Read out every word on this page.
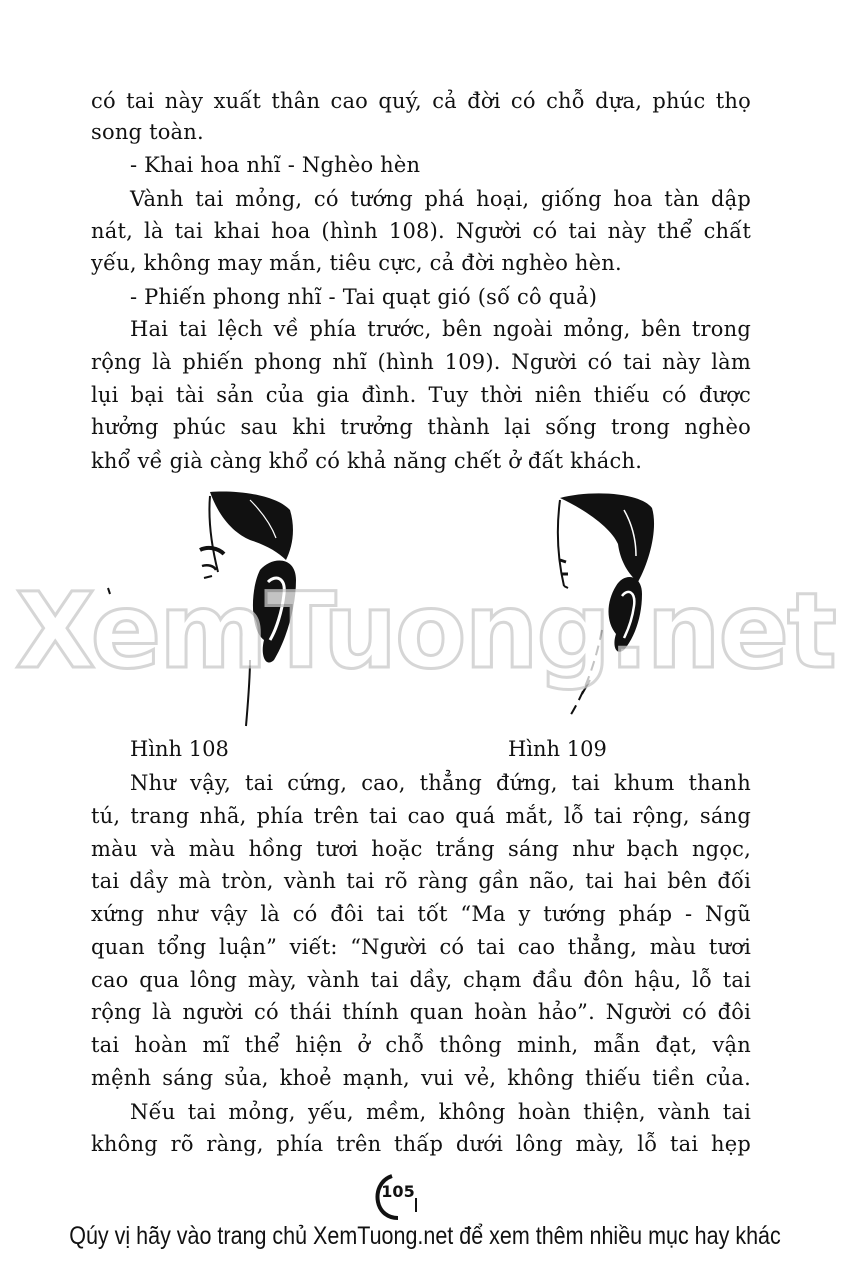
có tai này xuất thân cao quý, cả đời có chỗ dựa, phúc thọ
song toàn.
- Khai hoa nhĩ - Nghèo hèn
Vành tai mỏng, có tướng phá hoại, giống hoa tàn dập
nát, là tai khai hoa (hình 108). Người có tai này thể chất
yếu, không may mắn, tiêu cực, cả đời nghèo hèn.
- Phiến phong nhĩ - Tai quạt gió (số cô quả)
Hai tai lệch về phía trước, bên ngoài mỏng, bên trong
rộng là phiến phong nhĩ (hình 109). Người có tai này làm
lụi bại tài sản của gia đình. Tuy thời niên thiếu có được
hưởng phúc sau khi trưởng thành lại sống trong nghèo
khổ về già càng khổ có khả năng chết ở đất khách.
Hình 108	Hình 109
Như vậy, tai cứng, cao, thẳng đứng, tai khum thanh
tú, trang nhã, phía trên tai cao quá mắt, lỗ tai rộng, sáng
màu và màu hồng tươi hoặc trắng sáng như bạch ngọc,
tai dầy mà tròn, vành tai rõ ràng gần não, tai hai bên đối
xứng như vậy là có đôi tai tốt “Ma y tướng pháp - Ngũ
quan tổng luận” viết: “Người có tai cao thẳng, màu tươi
cao qua lông mày, vành tai dầy, chạm đầu đôn hậu, lỗ tai
rộng là người có thái thính quan hoàn hảo”. Người có đôi
tai hoàn mĩ thể hiện ở chỗ thông minh, mẫn đạt, vận
mệnh sáng sủa, khoẻ mạnh, vui vẻ, không thiếu tiền của.
Nếu tai mỏng, yếu, mềm, không hoàn thiện, vành tai
không rõ ràng, phía trên thấp dưới lông mày, lỗ tai hẹp
XemTuong.net
105
Qúy vị hãy vào trang chủ XemTuong.net để xem thêm nhiều mục hay khác
